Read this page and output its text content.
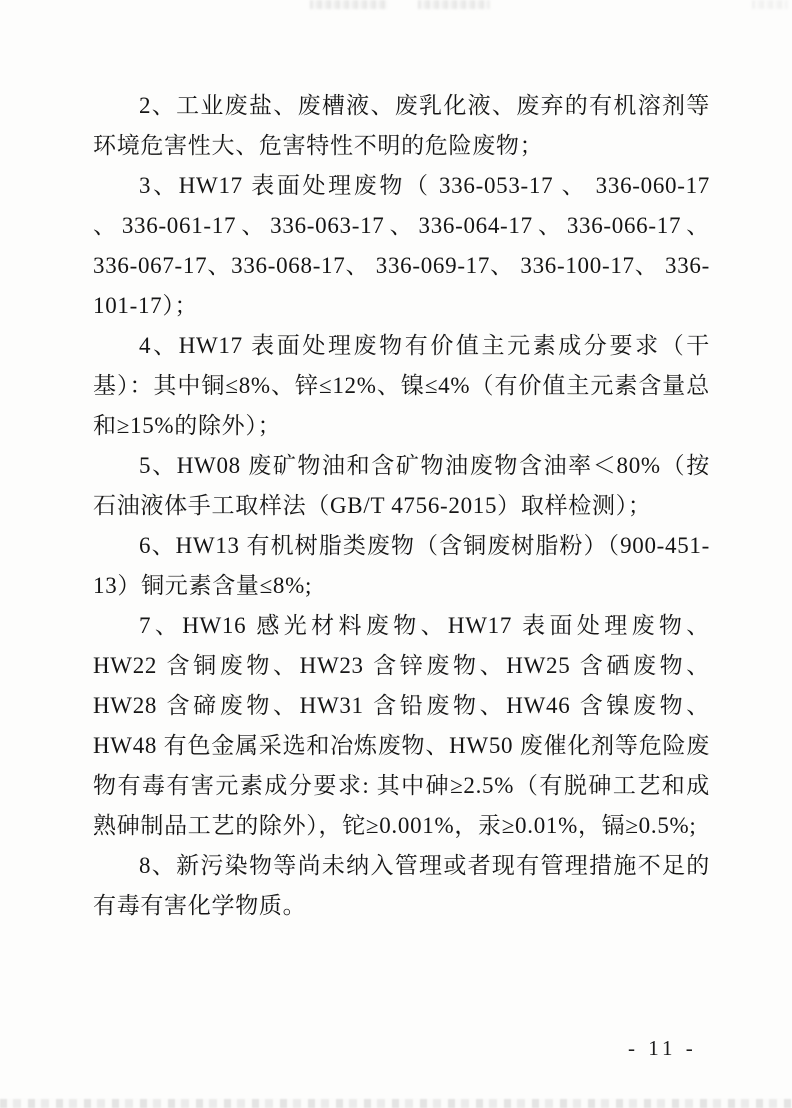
2、工业废盐、废槽液、废乳化液、废弃的有机溶剂等环境危害性大、危害特性不明的危险废物；

3、HW17 表面处理废物（ 336-053-17 、 336-060-17 、336-061-17、336-063-17、336-064-17、336-066-17、336-067-17、336-068-17、 336-069-17、 336-100-17、 336-101-17）；

4、HW17 表面处理废物有价值主元素成分要求（干基）：其中铜≤8%、锌≤12%、镍≤4%（有价值主元素含量总和≥15%的除外）；

5、HW08 废矿物油和含矿物油废物含油率＜80%（按石油液体手工取样法（GB/T 4756-2015）取样检测）；

6、HW13 有机树脂类废物（含铜废树脂粉）（900-451-13）铜元素含量≤8%;

7、HW16 感光材料废物、HW17 表面处理废物、HW22 含铜废物、HW23 含锌废物、HW25 含硒废物、HW28 含碲废物、HW31 含铅废物、HW46 含镍废物、HW48 有色金属采选和冶炼废物、HW50 废催化剂等危险废物有毒有害元素成分要求: 其中砷≥2.5%（有脱砷工艺和成熟砷制品工艺的除外），铊≥0.001%，汞≥0.01%，镉≥0.5%;

8、新污染物等尚未纳入管理或者现有管理措施不足的有毒有害化学物质。

- 11 -
